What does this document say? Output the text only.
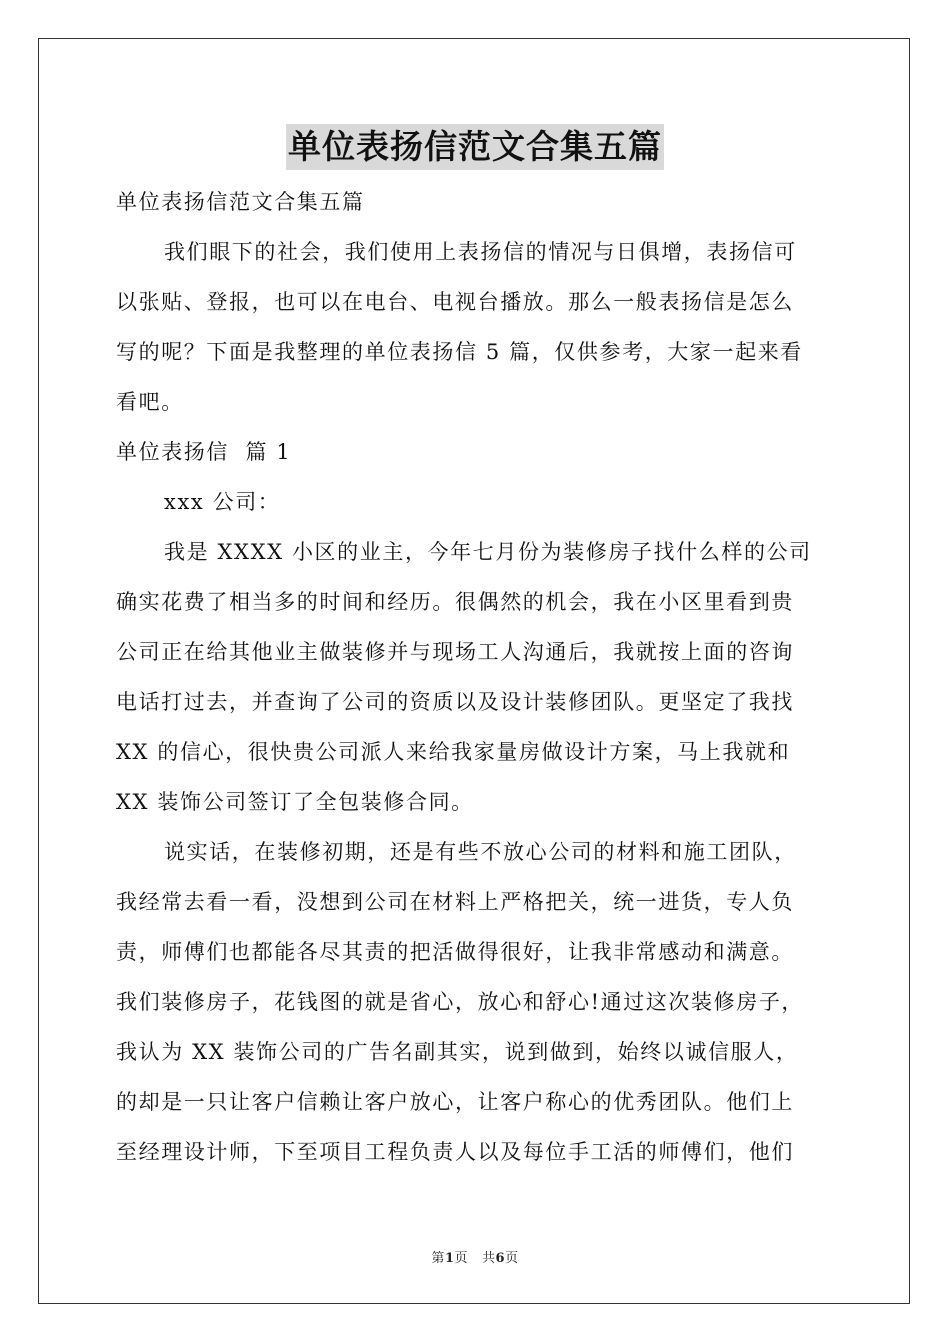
单位表扬信范文合集五篇

单位表扬信范文合集五篇

我们眼下的社会，我们使用上表扬信的情况与日俱增，表扬信可

以张贴、登报，也可以在电台、电视台播放。那么一般表扬信是怎么

写的呢？下面是我整理的单位表扬信 5 篇，仅供参考，大家一起来看

看吧。

单位表扬信  篇 1

xxx 公司：

我是 XXXX 小区的业主，今年七月份为装修房子找什么样的公司

确实花费了相当多的时间和经历。很偶然的机会，我在小区里看到贵

公司正在给其他业主做装修并与现场工人沟通后，我就按上面的咨询

电话打过去，并查询了公司的资质以及设计装修团队。更坚定了我找

XX 的信心，很快贵公司派人来给我家量房做设计方案，马上我就和

XX 装饰公司签订了全包装修合同。

说实话，在装修初期，还是有些不放心公司的材料和施工团队，

我经常去看一看，没想到公司在材料上严格把关，统一进货，专人负

责，师傅们也都能各尽其责的把活做得很好，让我非常感动和满意。

我们装修房子，花钱图的就是省心，放心和舒心!通过这次装修房子，

我认为 XX 装饰公司的广告名副其实，说到做到，始终以诚信服人，

的却是一只让客户信赖让客户放心，让客户称心的优秀团队。他们上

至经理设计师，下至项目工程负责人以及每位手工活的师傅们，他们

第1页 共6页
